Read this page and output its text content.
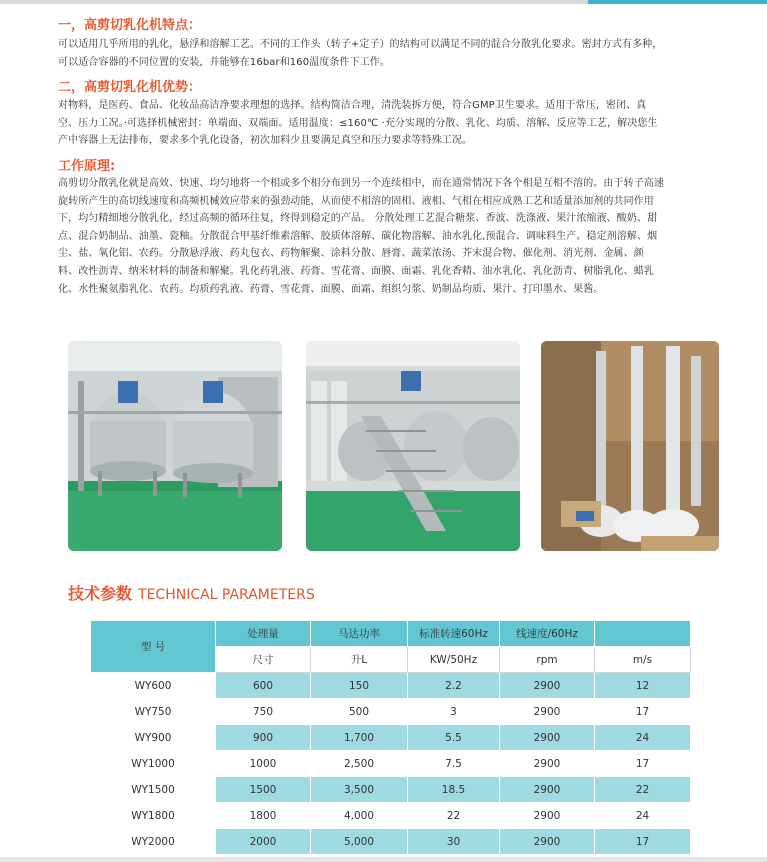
一，高剪切乳化机特点：
可以适用几乎所用的乳化，悬浮和溶解工艺。不同的工作头（转子+定子）的结构可以满足不同的混合分散乳化要求。密封方式有多种，
可以适合容器的不同位置的安装，并能够在16bar和160温度条件下工作。
二，高剪切乳化机优势：
对物料，是医药、食品、化妆品高洁净要求理想的选择。结构简洁合理，清洗装拆方便，符合GMP卫生要求。适用于常压，密闭、真
空、压力工况。·可选择机械密封：单端面、双端面。适用温度：≤160℃ ·充分实现的分散、乳化、均质、溶解、反应等工艺，解决您生
产中容器上无法排布，要求多个乳化设备，初次加料少且要满足真空和压力要求等特殊工况。
工作原理:
高剪切分散乳化就是高效、快速、均匀地将一个相或多个相分布到另一个连续相中，而在通常情况下各个相是互相不溶的。由于转子高速
旋转所产生的高切线速度和高频机械效应带来的强劲动能，从而使不相溶的固相、液相、气相在相应成熟工艺和适量添加剂的共同作用
下，均匀精细地分散乳化，经过高频的循环往复，终得到稳定的产品。 分散处理工艺混合糖浆、香波、洗涤液、果汁浓缩液、酸奶、甜
点、混合奶制品、油墨、瓷釉。分散混合甲基纤维素溶解、胶质体溶解、碳化物溶解、油水乳化,预混合、调味料生产、稳定剂溶解、烟
尘、盐、氧化铝、农药。分散悬浮液、药丸包衣、药物解聚、涂料分散、唇膏、蔬菜浓汤、芥末混合物、催化剂、消光剂、金属、颜
料、改性沥青、纳米材料的制备和解聚。乳化药乳液、药膏、雪花膏、面膜、面霜、乳化香精、油水乳化、乳化沥青、树脂乳化、蜡乳
化、水性聚氨脂乳化、农药。均质药乳液、药膏、雪花膏、面膜、面霜、组织匀浆、奶制品均质、果汁、打印墨水、果酱。
技术参数 TECHNICAL PARAMETERS
型 号	处理量	马达功率	标准转速60Hz	线速度/60Hz	
	尺寸	升L	KW/50Hz	rpm	m/s
WY600	600	150	2.2	2900	12
WY750	750	500	3	2900	17
WY900	900	1,700	5.5	2900	24
WY1000	1000	2,500	7.5	2900	17
WY1500	1500	3,500	18.5	2900	22
WY1800	1800	4,000	22	2900	24
WY2000	2000	5,000	30	2900	17
